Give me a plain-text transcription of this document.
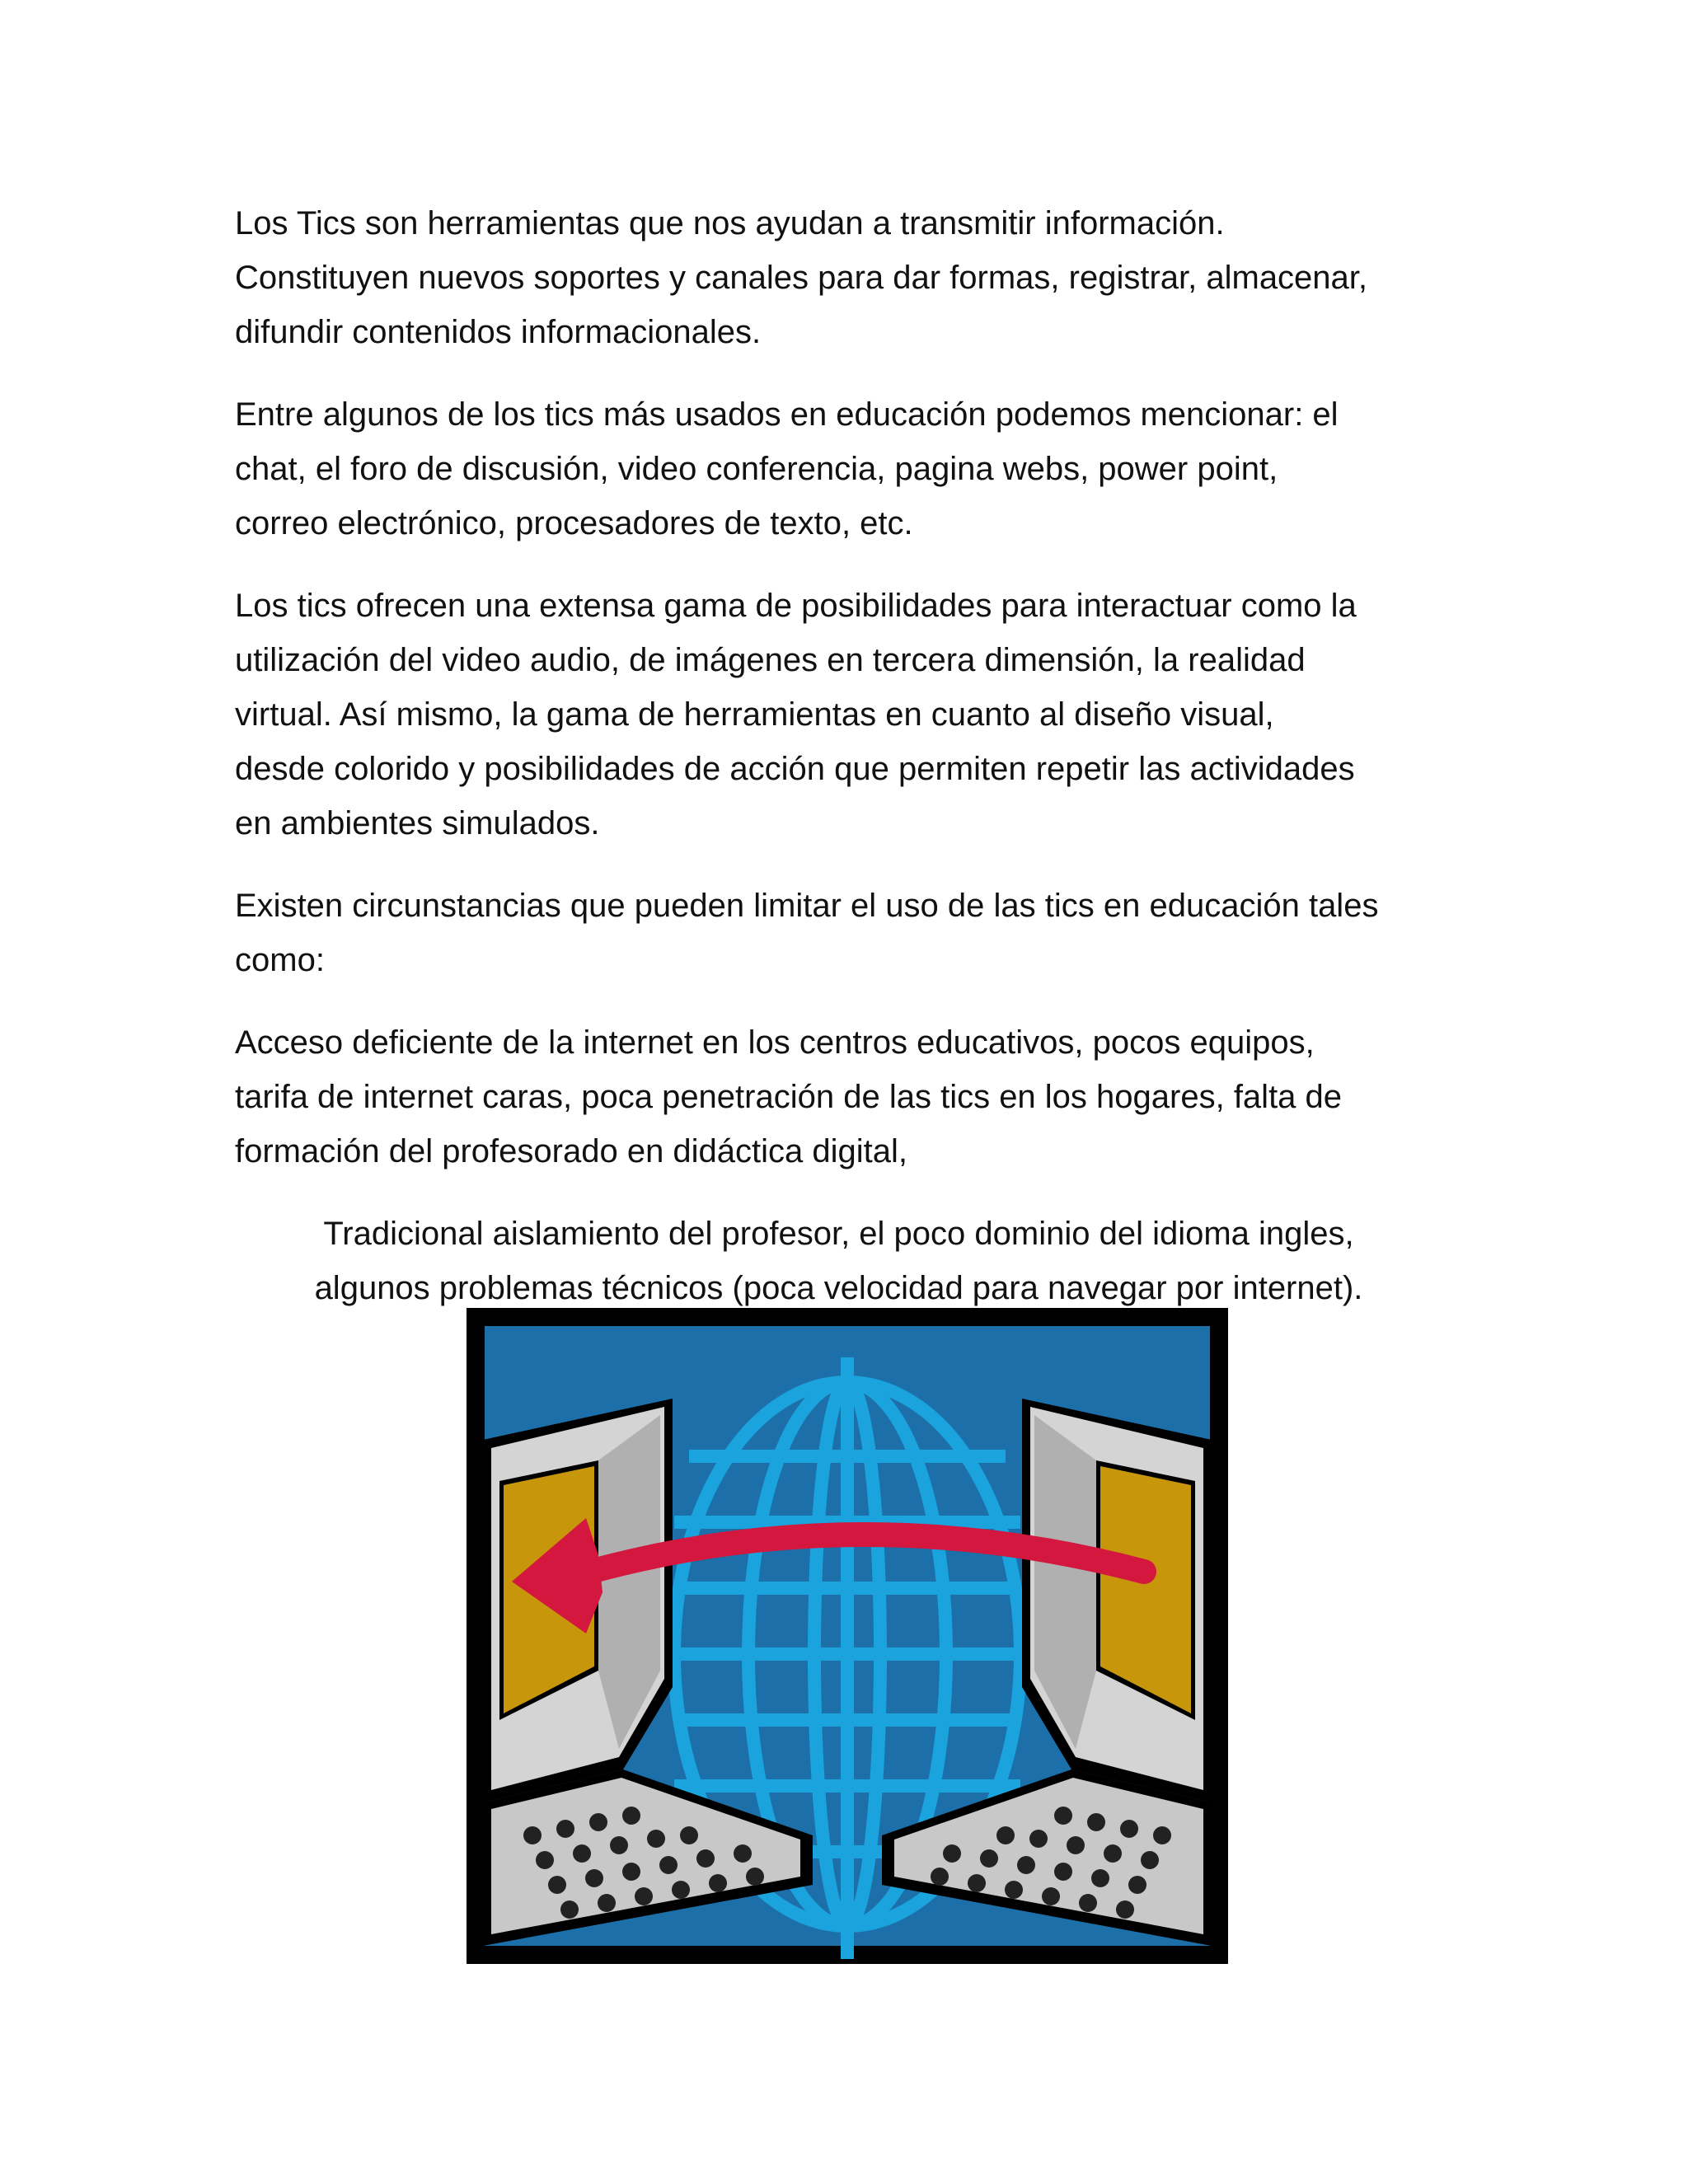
Los Tics son herramientas que nos ayudan a transmitir información.
Constituyen nuevos soportes y canales para dar formas, registrar, almacenar,
difundir contenidos informacionales.

Entre algunos de los tics más usados en educación podemos mencionar: el
chat, el foro de discusión, video conferencia, pagina webs, power point,
correo electrónico, procesadores de texto, etc.

Los tics ofrecen una extensa gama de posibilidades para interactuar como la
utilización del video audio, de imágenes en tercera dimensión, la realidad
virtual. Así mismo, la gama de herramientas en cuanto al diseño visual,
desde colorido y posibilidades de acción que permiten repetir las actividades
en ambientes simulados.

Existen circunstancias que pueden limitar el uso de las tics en educación tales
como:

Acceso deficiente de la internet en los centros educativos, pocos equipos,
tarifa de internet caras, poca penetración de las tics en los hogares, falta de
formación del profesorado en didáctica digital,

Tradicional aislamiento del profesor, el poco dominio del idioma ingles,
algunos problemas técnicos (poca velocidad para navegar por internet).
